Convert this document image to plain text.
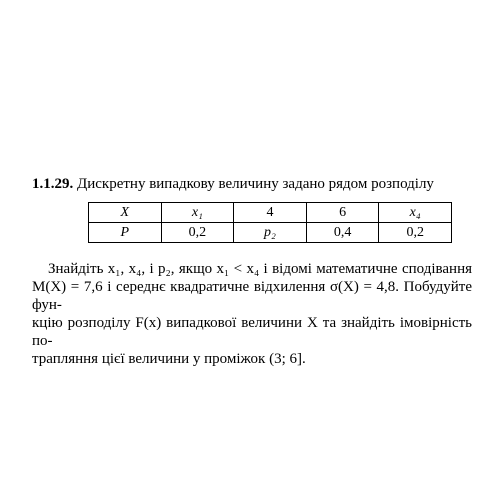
1.1.29. Дискретну випадкову величину задано рядом розподілу
X	x₁	4	6	x₄
P	0,2	p₂	0,4	0,2
Знайдіть x₁, x₄, і p₂, якщо x₁ < x₄ і відомі математичне сподівання
M(X) = 7,6 і середнє квадратичне відхилення σ(X) = 4,8. Побудуйте фун-
кцію розподілу F(x) випадкової величини X та знайдіть імовірність по-
трапляння цієї величини у проміжок (3; 6].
